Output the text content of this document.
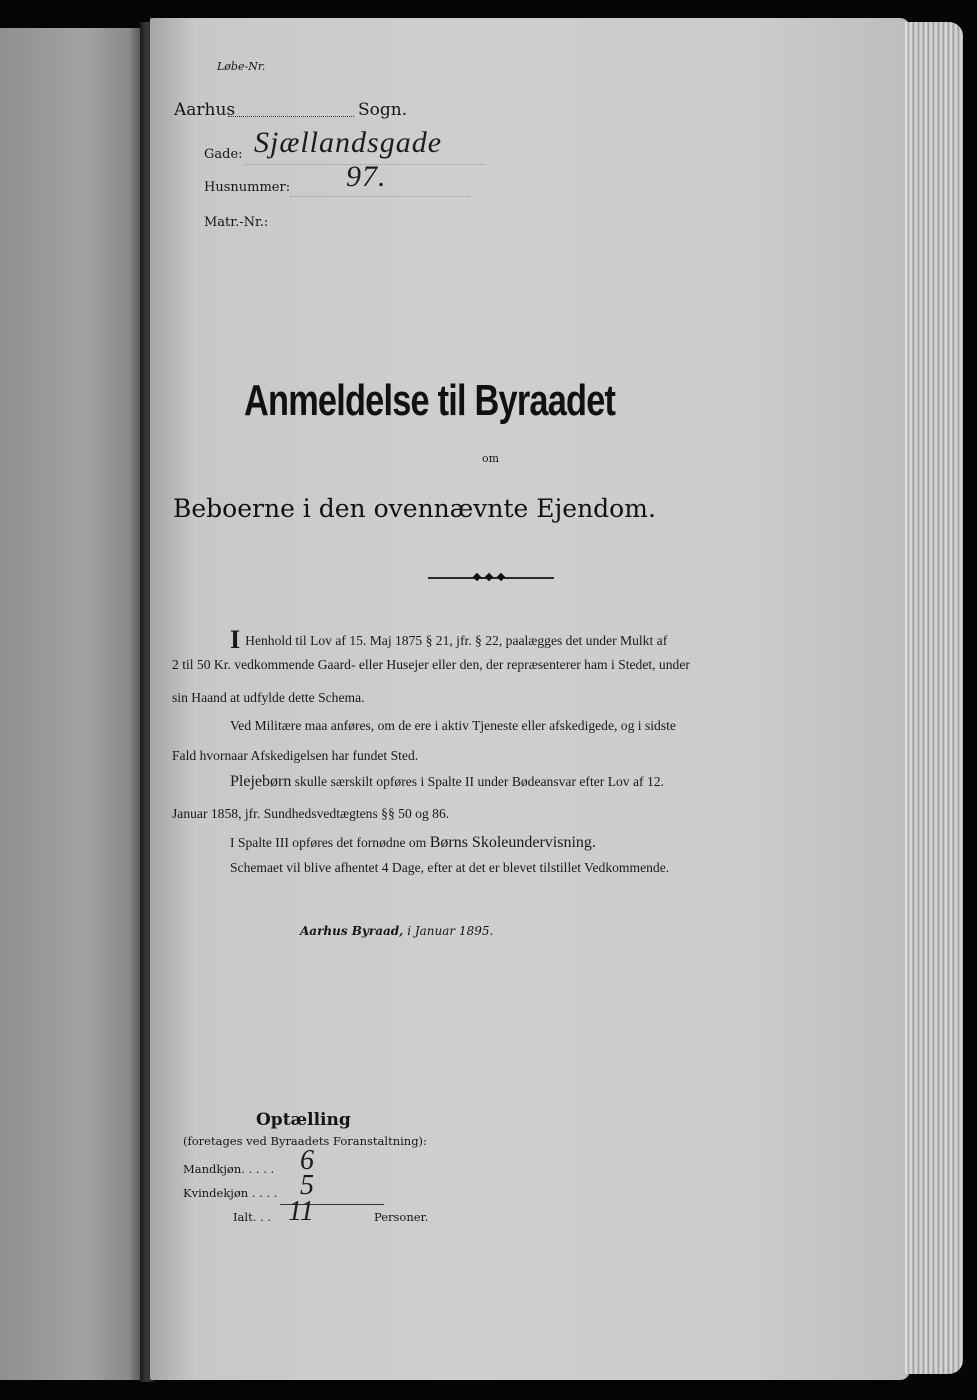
Løbe-Nr.
Aarhus	Sogn.
Gade: Sjællandsgade
Husnummer: 97.
Matr.-Nr.:
Anmeldelse til Byraadet
om
Beboerne i den ovennævnte Ejendom.
I Henhold til Lov af 15. Maj 1875 § 21, jfr. § 22, paalægges det under Mulkt af
2 til 50 Kr. vedkommende Gaard- eller Husejer eller den, der repræsenterer ham i Stedet, under
sin Haand at udfylde dette Schema.
Ved Militære maa anføres, om de ere i aktiv Tjeneste eller afskedigede, og i sidste
Fald hvornaar Afskedigelsen har fundet Sted.
Plejebørn skulle særskilt opføres i Spalte II under Bødeansvar efter Lov af 12.
Januar 1858, jfr. Sundhedsvedtægtens §§ 50 og 86.
I Spalte III opføres det fornødne om Børns Skoleundervisning.
Schemaet vil blive afhentet 4 Dage, efter at det er blevet tilstillet Vedkommende.
Aarhus Byraad, i Januar 1895.
Optælling
(foretages ved Byraadets Foranstaltning):
Mandkjøn. . . . . 6
Kvindekjøn . . . . 5
Ialt. . . 11	Personer.
